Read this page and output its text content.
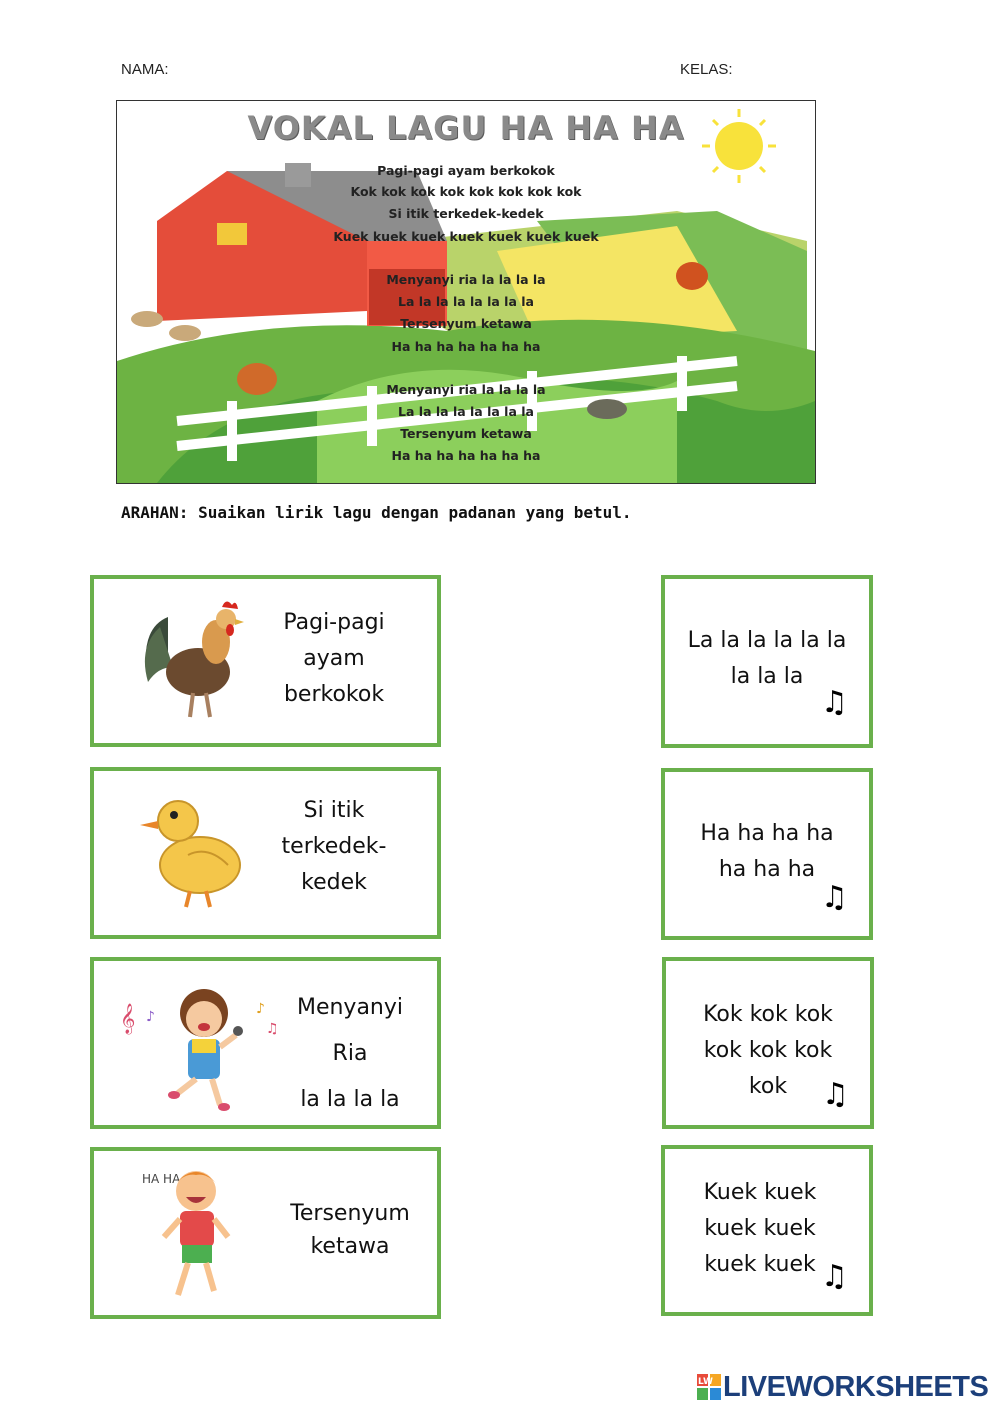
NAMA:	KELAS:
VOKAL LAGU HA HA HA
Pagi-pagi ayam berkokok
Kok kok kok kok kok kok kok kok
Si itik terkedek-kedek
Kuek kuek kuek kuek kuek kuek kuek
Menyanyi ria la la la la
La la la la la la la la
Tersenyum ketawa
Ha ha ha ha ha ha ha
Menyanyi ria la la la la
La la la la la la la la
Tersenyum ketawa
Ha ha ha ha ha ha ha
ARAHAN: Suaikan lirik lagu dengan padanan yang betul.
Pagi-pagi
ayam
berkokok
Si itik
terkedek-
kedek
𝄞 ♪	♪
♫
Menyanyi
Ria
la la la la
HA HA
Tersenyum
ketawa
La la la la la la
la la la
♫
Ha ha ha ha
ha ha ha
♫
Kok kok kok
kok kok kok
kok	♫
Kuek kuek
kuek kuek
kuek kuek ♫
LW LIVEWORKSHEETS
